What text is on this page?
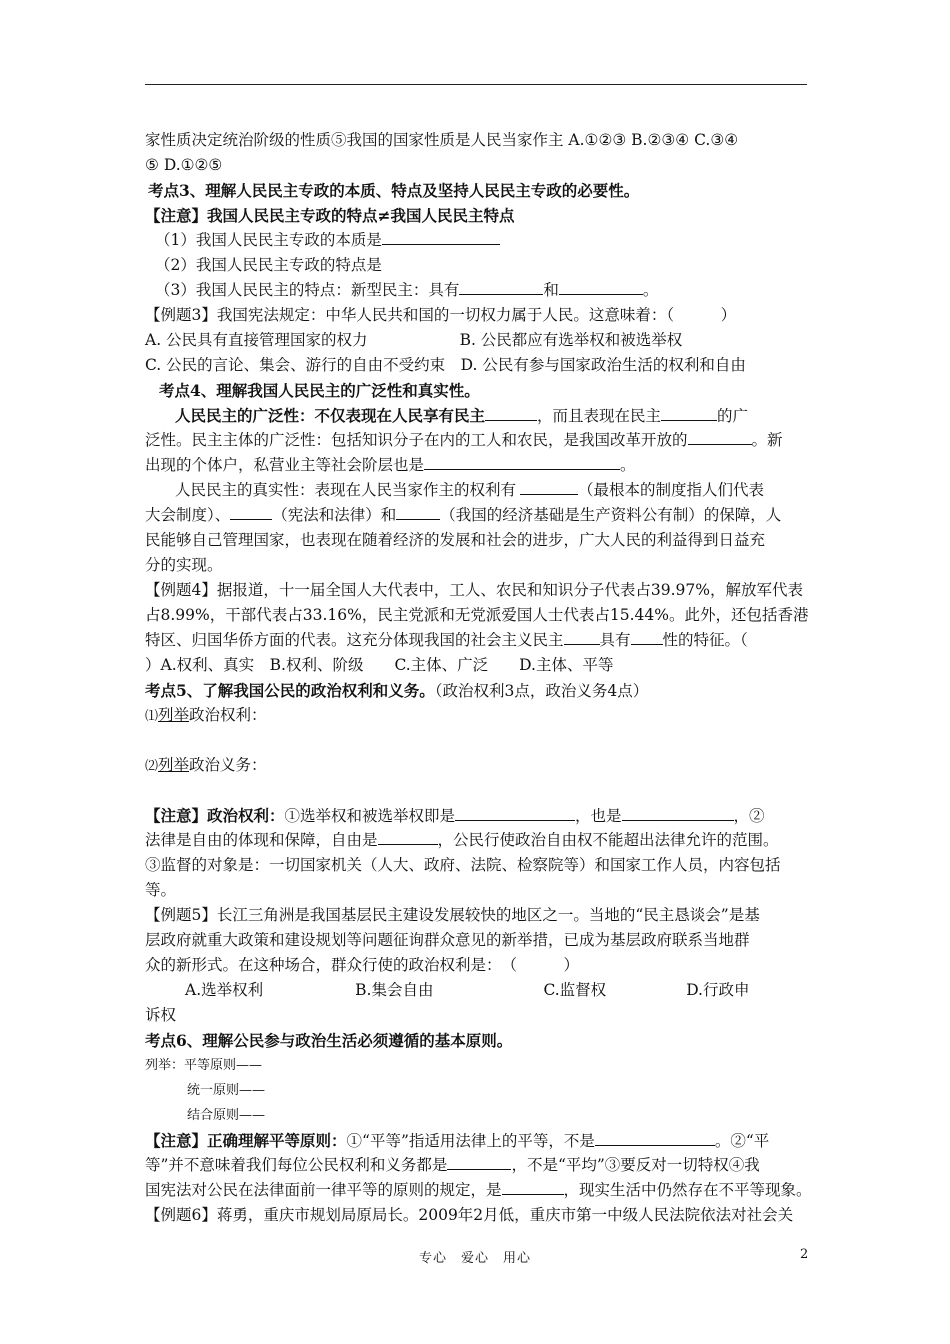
家性质决定统治阶级的性质⑤我国的国家性质是人民当家作主 A.①②③ B.②③④ C.③④
⑤ D.①②⑤
考点3、理解人民民主专政的本质、特点及坚持人民民主专政的必要性。
【注意】我国人民民主专政的特点≠我国人民民主特点
（1）我国人民民主专政的本质是
（2）我国人民民主专政的特点是
（3）我国人民民主的特点：新型民主：具有	和	。
【例题3】我国宪法规定：中华人民共和国的一切权力属于人民。这意味着：（　　　）
A. 公民具有直接管理国家的权力	B. 公民都应有选举权和被选举权
C. 公民的言论、集会、游行的自由不受约束　D. 公民有参与国家政治生活的权利和自由
考点4、理解我国人民民主的广泛性和真实性。
人民民主的广泛性：不仅表现在人民享有民主	，而且表现在民主	的广
泛性。民主主体的广泛性：包括知识分子在内的工人和农民，是我国改革开放的	。新
出现的个体户，私营业主等社会阶层也是	。
人民民主的真实性：表现在人民当家作主的权利有	（最根本的制度指人们代表
大会制度）、	（宪法和法律）和	（我国的经济基础是生产资料公有制）的保障，人
民能够自己管理国家，也表现在随着经济的发展和社会的进步，广大人民的利益得到日益充
分的实现。
【例题4】据报道，十一届全国人大代表中，工人、农民和知识分子代表占39.97%，解放军代表
占8.99%，干部代表占33.16%，民主党派和无党派爱国人士代表占15.44%。此外，还包括香港
特区、归国华侨方面的代表。这充分体现我国的社会主义民主 具有 性的特征。（
）A.权利、真实　B.权利、阶级　　C.主体、广泛　　D.主体、平等
考点5、了解我国公民的政治权利和义务。（政治权利3点，政治义务4点）
⑴列举政治权利：
⑵列举政治义务：
【注意】政治权利：①选举权和被选举权即是	，也是	，②
法律是自由的体现和保障，自由是	，公民行使政治自由权不能超出法律允许的范围。
③监督的对象是：一切国家机关（人大、政府、法院、检察院等）和国家工作人员，内容包括
等。
【例题5】长江三角洲是我国基层民主建设发展较快的地区之一。当地的“民主恳谈会”是基
层政府就重大政策和建设规划等问题征询群众意见的新举措，已成为基层政府联系当地群
众的新形式。在这种场合，群众行使的政治权利是：　（　　　）
A.选举权利	B.集会自由	C.监督权	D.行政申
诉权
考点6、理解公民参与政治生活必须遵循的基本原则。
列举：平等原则——
统一原则——
结合原则——
【注意】正确理解平等原则：①“平等”指适用法律上的平等，不是	。②“平
等”并不意味着我们每位公民权利和义务都是	，不是“平均”③要反对一切特权④我
国宪法对公民在法律面前一律平等的原则的规定，是	，现实生活中仍然存在不平等现象。
【例题6】蒋勇，重庆市规划局原局长。2009年2月低，重庆市第一中级人民法院依法对社会关
专心　爱心　用心	2
